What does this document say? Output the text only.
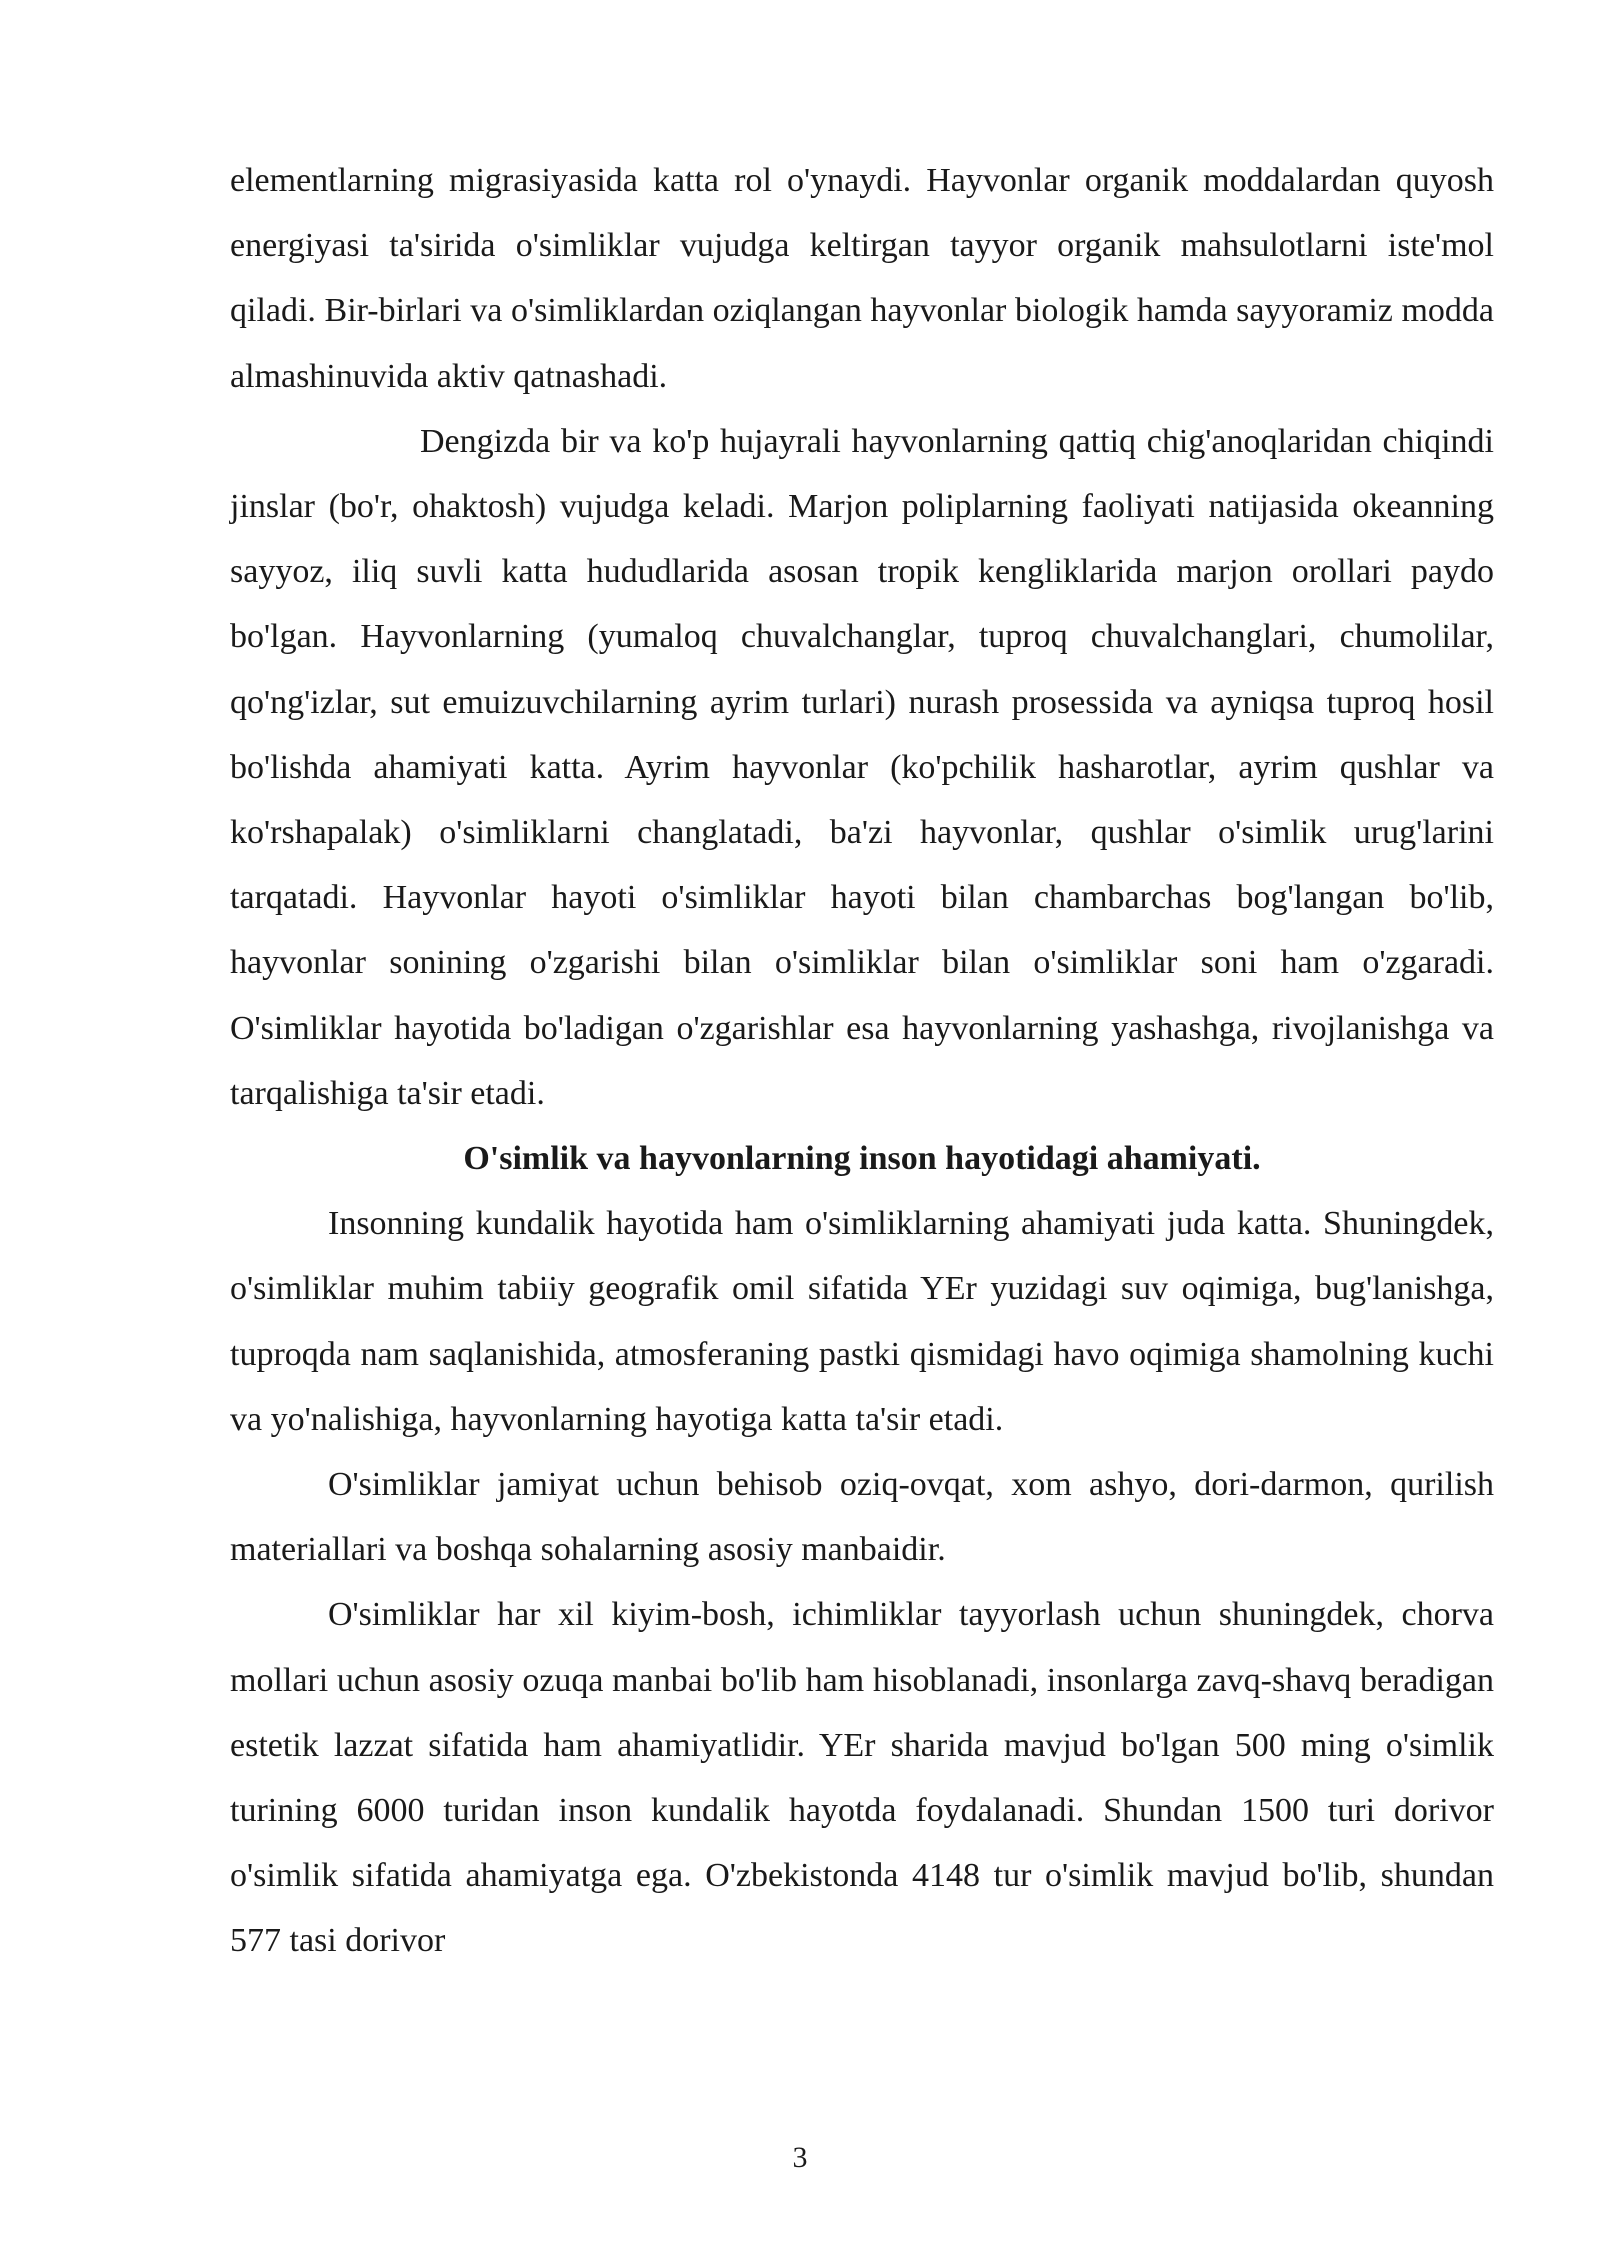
elementlarning migrasiyasida katta rol o'ynaydi. Hayvonlar organik moddalardan quyosh energiyasi ta'sirida o'simliklar vujudga keltirgan tayyor organik mahsulotlarni iste'mol qiladi. Bir-birlari va o'simliklardan oziqlangan hayvonlar biologik hamda sayyoramiz modda almashinuvida aktiv qatnashadi.

Dengizda bir va ko'p hujayrali hayvonlarning qattiq chig'anoqlaridan chiqindi jinslar (bo'r, ohaktosh) vujudga keladi. Marjon poliplarning faoliyati natijasida okeanning sayyoz, iliq suvli katta hududlarida asosan tropik kengliklarida marjon orollari paydo bo'lgan. Hayvonlarning (yumaloq chuvalchanglar, tuproq chuvalchanglari, chumolilar, qo'ng'izlar, sut emuizuvchilarning ayrim turlari) nurash prosessida va ayniqsa tuproq hosil bo'lishda ahamiyati katta. Ayrim hayvonlar (ko'pchilik hasharotlar, ayrim qushlar va ko'rshapalak) o'simliklarni changlatadi, ba'zi hayvonlar, qushlar o'simlik urug'larini tarqatadi. Hayvonlar hayoti o'simliklar hayoti bilan chambarchas bog'langan bo'lib, hayvonlar sonining o'zgarishi bilan o'simliklar bilan o'simliklar soni ham o'zgaradi. O'simliklar hayotida bo'ladigan o'zgarishlar esa hayvonlarning yashashga, rivojlanishga va tarqalishiga ta'sir etadi.

O'simlik va hayvonlarning inson hayotidagi ahamiyati.

Insonning kundalik hayotida ham o'simliklarning ahamiyati juda katta. Shuningdek, o'simliklar muhim tabiiy geografik omil sifatida YEr yuzidagi suv oqimiga, bug'lanishga, tuproqda nam saqlanishida, atmosferaning pastki qismidagi havo oqimiga shamolning kuchi va yo'nalishiga, hayvonlarning hayotiga katta ta'sir etadi.

O'simliklar jamiyat uchun behisob oziq-ovqat, xom ashyo, dori-darmon, qurilish materiallari va boshqa sohalarning asosiy manbaidir.

O'simliklar har xil kiyim-bosh, ichimliklar tayyorlash uchun shuningdek, chorva mollari uchun asosiy ozuqa manbai bo'lib ham hisoblanadi, insonlarga zavq-shavq beradigan estetik lazzat sifatida ham ahamiyatlidir. YEr sharida mavjud bo'lgan 500 ming o'simlik turining 6000 turidan inson kundalik hayotda foydalanadi. Shundan 1500 turi dorivor o'simlik sifatida ahamiyatga ega. O'zbekistonda 4148 tur o'simlik mavjud bo'lib, shundan 577 tasi dorivor

3
